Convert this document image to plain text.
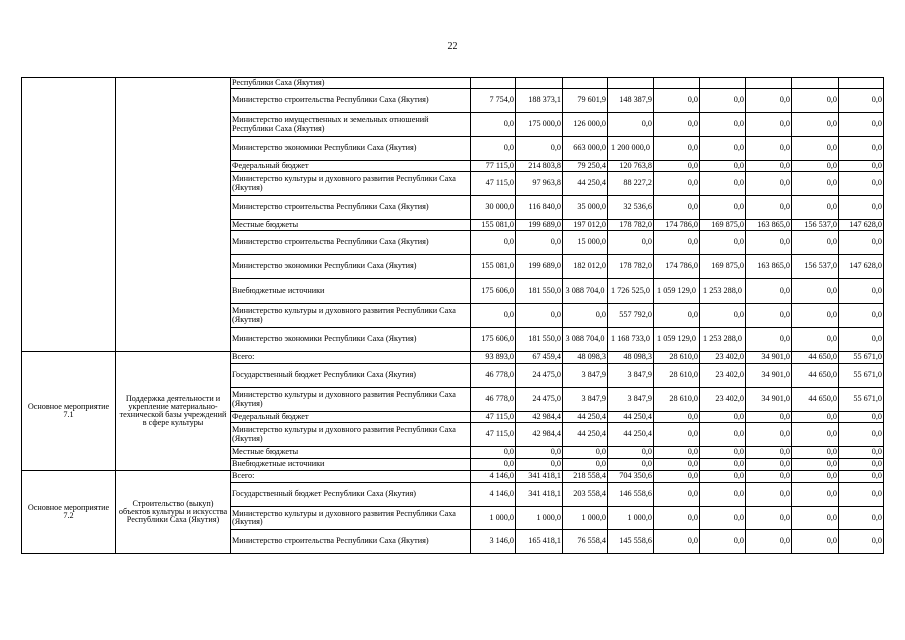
22
		Республики Саха (Якутия)									
		Министерство строительства Республики Саха (Якутия)	7 754,0	188 373,1	79 601,9	148 387,9	0,0	0,0	0,0	0,0	0,0
		Министерство имущественных и земельных отношений Республики Саха (Якутия)	0,0	175 000,0	126 000,0	0,0	0,0	0,0	0,0	0,0	0,0
		Министерство экономики Республики Саха (Якутия)	0,0	0,0	663 000,0	1 200 000,0	0,0	0,0	0,0	0,0	0,0
		Федеральный бюджет	77 115,0	214 803,8	79 250,4	120 763,8	0,0	0,0	0,0	0,0	0,0
		Министерство культуры и духовного развития Республики Саха (Якутия)	47 115,0	97 963,8	44 250,4	88 227,2	0,0	0,0	0,0	0,0	0,0
		Министерство строительства Республики Саха (Якутия)	30 000,0	116 840,0	35 000,0	32 536,6	0,0	0,0	0,0	0,0	0,0
		Местные бюджеты	155 081,0	199 689,0	197 012,0	178 782,0	174 786,0	169 875,0	163 865,0	156 537,0	147 628,0
		Министерство строительства Республики Саха (Якутия)	0,0	0,0	15 000,0	0,0	0,0	0,0	0,0	0,0	0,0
		Министерство экономики Республики Саха (Якутия)	155 081,0	199 689,0	182 012,0	178 782,0	174 786,0	169 875,0	163 865,0	156 537,0	147 628,0
		Внебюджетные источники	175 606,0	181 550,0	3 088 704,0	1 726 525,0	1 059 129,0	1 253 288,0	0,0	0,0	0,0
		Министерство культуры и духовного развития Республики Саха (Якутия)	0,0	0,0	0,0	557 792,0	0,0	0,0	0,0	0,0	0,0
		Министерство экономики Республики Саха (Якутия)	175 606,0	181 550,0	3 088 704,0	1 168 733,0	1 059 129,0	1 253 288,0	0,0	0,0	0,0
Основное мероприятие 7.1	Поддержка деятельности и укрепление материально-технической базы учреждений в сфере культуры	Всего:	93 893,0	67 459,4	48 098,3	48 098,3	28 610,0	23 402,0	34 901,0	44 650,0	55 671,0
		Государственный бюджет Республики Саха (Якутия)	46 778,0	24 475,0	3 847,9	3 847,9	28 610,0	23 402,0	34 901,0	44 650,0	55 671,0
		Министерство культуры и духовного развития Республики Саха (Якутия)	46 778,0	24 475,0	3 847,9	3 847,9	28 610,0	23 402,0	34 901,0	44 650,0	55 671,0
		Федеральный бюджет	47 115,0	42 984,4	44 250,4	44 250,4	0,0	0,0	0,0	0,0	0,0
		Министерство культуры и духовного развития Республики Саха (Якутия)	47 115,0	42 984,4	44 250,4	44 250,4	0,0	0,0	0,0	0,0	0,0
		Местные бюджеты	0,0	0,0	0,0	0,0	0,0	0,0	0,0	0,0	0,0
		Внебюджетные источники	0,0	0,0	0,0	0,0	0,0	0,0	0,0	0,0	0,0
Основное мероприятие 7.2	Строительство (выкуп) объектов культуры и искусства Республики Саха (Якутия)	Всего:	4 146,0	341 418,1	218 558,4	704 350,6	0,0	0,0	0,0	0,0	0,0
		Государственный бюджет Республики Саха (Якутия)	4 146,0	341 418,1	203 558,4	146 558,6	0,0	0,0	0,0	0,0	0,0
		Министерство культуры и духовного развития Республики Саха (Якутия)	1 000,0	1 000,0	1 000,0	1 000,0	0,0	0,0	0,0	0,0	0,0
		Министерство строительства Республики Саха (Якутия)	3 146,0	165 418,1	76 558,4	145 558,6	0,0	0,0	0,0	0,0	0,0
